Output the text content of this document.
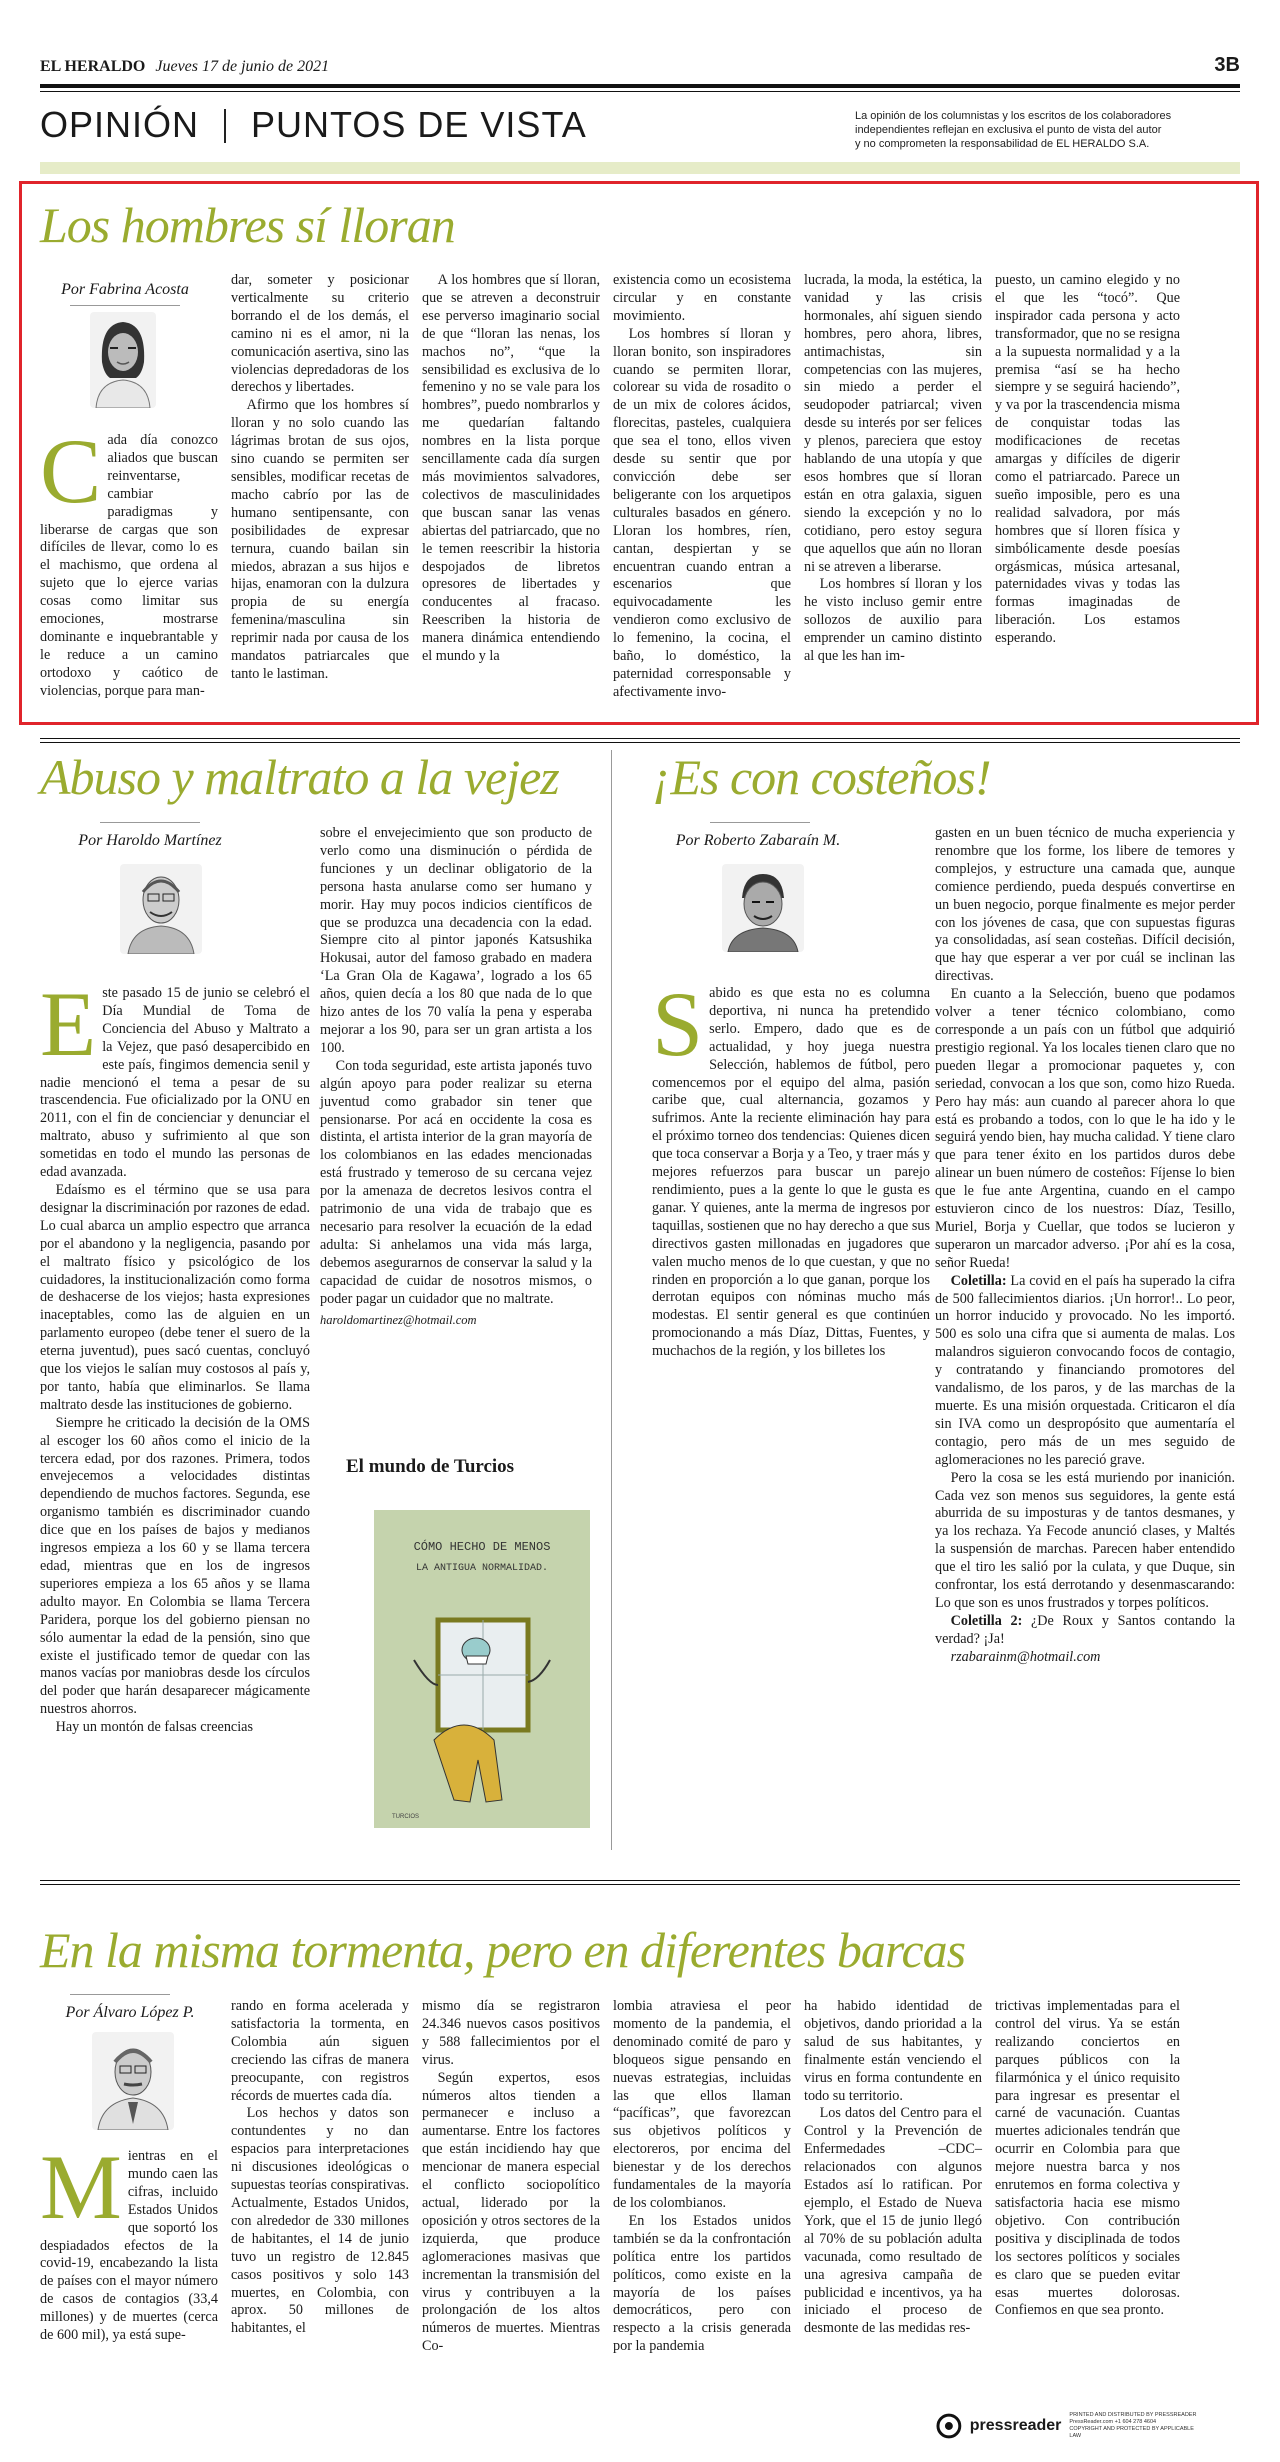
EL HERALDO Jueves 17 de junio de 2021	3B
OPINIÓN PUNTOS DE VISTA	La opinión de los columnistas y los escritos de los colaboradores
independientes reflejan en exclusiva el punto de vista del autor
y no comprometen la responsabilidad de EL HERALDO S.A.
Los hombres sí lloran
Por Fabrina Acosta

Cada día conozco aliados que buscan reinventarse, cambiar paradigmas y liberarse de cargas que son difíciles de llevar, como lo es el machismo, que ordena al sujeto que lo ejerce varias cosas como limitar sus emociones, mostrarse dominante e inquebrantable y le reduce a un camino ortodoxo y caótico de violencias, porque para man-

dar, someter y posicionar verticalmente su criterio borrando el de los demás, el camino ni es el amor, ni la comunicación asertiva, sino las violencias depredadoras de los derechos y libertades.

Afirmo que los hombres sí lloran y no solo cuando las lágrimas brotan de sus ojos, sino cuando se permiten ser sensibles, modificar recetas de macho cabrío por las de humano sentipensante, con posibilidades de expresar ternura, cuando bailan sin miedos, abrazan a sus hijos e hijas, enamoran con la dulzura propia de su energía femenina/masculina sin reprimir nada por causa de los mandatos patriarcales que tanto le lastiman.

A los hombres que sí lloran, que se atreven a deconstruir ese perverso imaginario social de que “lloran las nenas, los machos no”, “que la sensibilidad es exclusiva de lo femenino y no se vale para los hombres”, puedo nombrarlos y me quedarían faltando nombres en la lista porque sencillamente cada día surgen más movimientos salvadores, colectivos de masculinidades que buscan sanar las venas abiertas del patriarcado, que no le temen reescribir la historia despojados de libretos opresores de libertades y conducentes al fracaso. Reescriben la historia de manera dinámica entendiendo el mundo y la

existencia como un ecosistema circular y en constante movimiento.

Los hombres sí lloran y lloran bonito, son inspiradores cuando se permiten llorar, colorear su vida de rosadito o de un mix de colores ácidos, florecitas, pasteles, cualquiera que sea el tono, ellos viven desde su sentir que por convicción debe ser beligerante con los arquetipos culturales basados en género. Lloran los hombres, ríen, cantan, despiertan y se encuentran cuando entran a escenarios que equivocadamente les vendieron como exclusivo de lo femenino, la cocina, el baño, lo doméstico, la paternidad corresponsable y afectivamente invo-

lucrada, la moda, la estética, la vanidad y las crisis hormonales, ahí siguen siendo hombres, pero ahora, libres, antimachistas, sin competencias con las mujeres, sin miedo a perder el seudopoder patriarcal; viven desde su interés por ser felices y plenos, pareciera que estoy hablando de una utopía y que esos hombres que sí lloran están en otra galaxia, siguen siendo la excepción y no lo cotidiano, pero estoy segura que aquellos que aún no lloran ni se atreven a liberarse.

Los hombres sí lloran y los he visto incluso gemir entre sollozos de auxilio para emprender un camino distinto al que les han im-

puesto, un camino elegido y no el que les “tocó”. Que inspirador cada persona y acto transformador, que no se resigna a la supuesta normalidad y a la premisa “así se ha hecho siempre y se seguirá haciendo”, y va por la trascendencia misma de conquistar todas las modificaciones de recetas amargas y difíciles de digerir como el patriarcado. Parece un sueño imposible, pero es una realidad salvadora, por más hombres que sí lloren física y simbólicamente desde poesías orgásmicas, música artesanal, paternidades vivas y todas las formas imaginadas de liberación. Los estamos esperando.

Abuso y maltrato a la vejez
Por Haroldo Martínez

Este pasado 15 de junio se celebró el Día Mundial de Toma de Conciencia del Abuso y Maltrato a la Vejez, que pasó desapercibido en este país, fingimos demencia senil y nadie mencionó el tema a pesar de su trascendencia. Fue oficializado por la ONU en 2011, con el fin de concienciar y denunciar el maltrato, abuso y sufrimiento al que son sometidas en todo el mundo las personas de edad avanzada.

Edaísmo es el término que se usa para designar la discriminación por razones de edad. Lo cual abarca un amplio espectro que arranca por el abandono y la negligencia, pasando por el maltrato físico y psicológico de los cuidadores, la institucionalización como forma de deshacerse de los viejos; hasta expresiones inaceptables, como las de alguien en un parlamento europeo (debe tener el suero de la eterna juventud), pues sacó cuentas, concluyó que los viejos le salían muy costosos al país y, por tanto, había que eliminarlos. Se llama maltrato desde las instituciones de gobierno.

Siempre he criticado la decisión de la OMS al escoger los 60 años como el inicio de la tercera edad, por dos razones. Primera, todos envejecemos a velocidades distintas dependiendo de muchos factores. Segunda, ese organismo también es discriminador cuando dice que en los países de bajos y medianos ingresos empieza a los 60 y se llama tercera edad, mientras que en los de ingresos superiores empieza a los 65 años y se llama adulto mayor. En Colombia se llama Tercera Paridera, porque los del gobierno piensan no sólo aumentar la edad de la pensión, sino que existe el justificado temor de quedar con las manos vacías por maniobras desde los círculos del poder que harán desaparecer mágicamente nuestros ahorros.

Hay un montón de falsas creencias

sobre el envejecimiento que son producto de verlo como una disminución o pérdida de funciones y un declinar obligatorio de la persona hasta anularse como ser humano y morir. Hay muy pocos indicios científicos de que se produzca una decadencia con la edad. Siempre cito al pintor japonés Katsushika Hokusai, autor del famoso grabado en madera ‘La Gran Ola de Kagawa’, logrado a los 65 años, quien decía a los 80 que nada de lo que hizo antes de los 70 valía la pena y esperaba mejorar a los 90, para ser un gran artista a los 100.

Con toda seguridad, este artista japonés tuvo algún apoyo para poder realizar su eterna juventud como grabador sin tener que pensionarse. Por acá en occidente la cosa es distinta, el artista interior de la gran mayoría de los colombianos en las edades mencionadas está frustrado y temeroso de su cercana vejez por la amenaza de decretos lesivos contra el patrimonio de una vida de trabajo que es necesario para resolver la ecuación de la edad adulta: Si anhelamos una vida más larga, debemos asegurarnos de conservar la salud y la capacidad de cuidar de nosotros mismos, o poder pagar un cuidador que no maltrate.

haroldomartinez@hotmail.com

El mundo de Turcios
CÓMO HECHO DE MENOS
LA ANTIGUA NORMALIDAD.
TURCIOS
¡Es con costeños!
Por Roberto Zabaraín M.

Sabido es que esta no es columna deportiva, ni nunca ha pretendido serlo. Empero, dado que es de actualidad, y hoy juega nuestra Selección, hablemos de fútbol, pero comencemos por el equipo del alma, pasión caribe que, cual alternancia, gozamos y sufrimos. Ante la reciente eliminación hay para el próximo torneo dos tendencias: Quienes dicen que toca conservar a Borja y a Teo, y traer más y mejores refuerzos para buscar un parejo rendimiento, pues a la gente lo que le gusta es ganar. Y quienes, ante la merma de ingresos por taquillas, sostienen que no hay derecho a que sus directivos gasten millonadas en jugadores que valen mucho menos de lo que cuestan, y que no rinden en proporción a lo que ganan, porque los derrotan equipos con nóminas mucho más modestas. El sentir general es que continúen promocionando a más Díaz, Dittas, Fuentes, y muchachos de la región, y los billetes los

gasten en un buen técnico de mucha experiencia y renombre que los forme, los libere de temores y complejos, y estructure una camada que, aunque comience perdiendo, pueda después convertirse en un buen negocio, porque finalmente es mejor perder con los jóvenes de casa, que con supuestas figuras ya consolidadas, así sean costeñas. Difícil decisión, que hay que esperar a ver por cuál se inclinan las directivas.

En cuanto a la Selección, bueno que podamos volver a tener técnico colombiano, como corresponde a un país con un fútbol que adquirió prestigio regional. Ya los locales tienen claro que no pueden llegar a promocionar paquetes y, con seriedad, convocan a los que son, como hizo Rueda. Pero hay más: aun cuando al parecer ahora lo que está es probando a todos, con lo que le ha ido y le seguirá yendo bien, hay mucha calidad. Y tiene claro que para tener éxito en los partidos duros debe alinear un buen número de costeños: Fíjense lo bien que le fue ante Argentina, cuando en el campo estuvieron cinco de los nuestros: Díaz, Tesillo, Muriel, Borja y Cuellar, que todos se lucieron y superaron un marcador adverso. ¡Por ahí es la cosa, señor Rueda!

Coletilla: La covid en el país ha superado la cifra de 500 fallecimientos diarios. ¡Un horror!.. Lo peor, un horror inducido y provocado. No les importó. 500 es solo una cifra que si aumenta de malas. Los malandros siguieron convocando focos de contagio, y contratando y financiando promotores del vandalismo, de los paros, y de las marchas de la muerte. Es una misión orquestada. Criticaron el día sin IVA como un despropósito que aumentaría el contagio, pero más de un mes seguido de aglomeraciones no les pareció grave.

Pero la cosa se les está muriendo por inanición. Cada vez son menos sus seguidores, la gente está aburrida de su imposturas y de tantos desmanes, y ya los rechaza. Ya Fecode anunció clases, y Maltés la suspensión de marchas. Parecen haber entendido que el tiro les salió por la culata, y que Duque, sin confrontar, los está derrotando y desenmascarando: Lo que son es unos frustrados y torpes políticos.

Coletilla 2: ¿De Roux y Santos contando la verdad? ¡Ja!

rzabarainm@hotmail.com

En la misma tormenta, pero en diferentes barcas
Por Álvaro López P.

Mientras en el mundo caen las cifras, incluido Estados Unidos que soportó los despiadados efectos de la covid-19, encabezando la lista de países con el mayor número de casos de contagios (33,4 millones) y de muertes (cerca de 600 mil), ya está supe-

rando en forma acelerada y satisfactoria la tormenta, en Colombia aún siguen creciendo las cifras de manera preocupante, con registros récords de muertes cada día.

Los hechos y datos son contundentes y no dan espacios para interpretaciones ni discusiones ideológicas o supuestas teorías conspirativas. Actualmente, Estados Unidos, con alrededor de 330 millones de habitantes, el 14 de junio tuvo un registro de 12.845 casos positivos y solo 143 muertes, en Colombia, con aprox. 50 millones de habitantes, el

mismo día se registraron 24.346 nuevos casos positivos y 588 fallecimientos por el virus.

Según expertos, esos números altos tienden a permanecer e incluso a aumentarse. Entre los factores que están incidiendo hay que mencionar de manera especial el conflicto sociopolítico actual, liderado por la oposición y otros sectores de la izquierda, que produce aglomeraciones masivas que incrementan la transmisión del virus y contribuyen a la prolongación de los altos números de muertes. Mientras Co-

lombia atraviesa el peor momento de la pandemia, el denominado comité de paro y bloqueos sigue pensando en nuevas estrategias, incluidas las que ellos llaman “pacíficas”, que favorezcan sus objetivos políticos y electoreros, por encima del bienestar y de los derechos fundamentales de la mayoría de los colombianos.

En los Estados unidos también se da la confrontación política entre los partidos políticos, como existe en la mayoría de los países democráticos, pero con respecto a la crisis generada por la pandemia

ha habido identidad de objetivos, dando prioridad a la salud de sus habitantes, y finalmente están venciendo el virus en forma contundente en todo su territorio.

Los datos del Centro para el Control y la Prevención de Enfermedades –CDC– relacionados con algunos Estados así lo ratifican. Por ejemplo, el Estado de Nueva York, que el 15 de junio llegó al 70% de su población adulta vacunada, como resultado de una agresiva campaña de publicidad e incentivos, ya ha iniciado el proceso de desmonte de las medidas res-

trictivas implementadas para el control del virus. Ya se están realizando conciertos en parques públicos con la filarmónica y el único requisito para ingresar es presentar el carné de vacunación. Cuantas muertes adicionales tendrán que ocurrir en Colombia para que mejore nuestra barca y nos enrutemos en forma colectiva y satisfactoria hacia ese mismo objetivo. Con contribución positiva y disciplinada de todos los sectores políticos y sociales es claro que se pueden evitar esas muertes dolorosas. Confiemos en que sea pronto.

pressreader
PRINTED AND DISTRIBUTED BY PRESSREADER
PressReader.com +1 604 278 4604
COPYRIGHT AND PROTECTED BY APPLICABLE LAW
